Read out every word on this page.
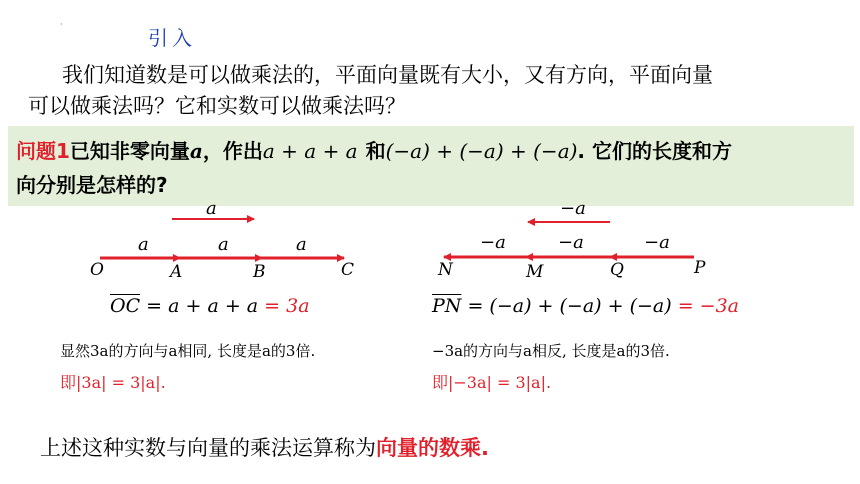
·
引入
我们知道数是可以做乘法的，平面向量既有大小，又有方向，平面向量
可以做乘法吗？它和实数可以做乘法吗？
问题1已知非零向量a，作出a + a + a 和(−a) + (−a) + (−a). 它们的长度和方
向分别是怎样的?
a
a	a	a
O	A	B	C
$\overline{OC} = a + a + a = 3a$
显然3a的方向与a相同, 长度是a的3倍.
即|3a| = 3|a|.
−a
−a	−a	−a
N	M	Q	P
$\overline{PN} = (-a) + (-a) + (-a) = -3a$
−3a的方向与a相反, 长度是a的3倍.
即|−3a| = 3|a|.
上述这种实数与向量的乘法运算称为向量的数乘.
